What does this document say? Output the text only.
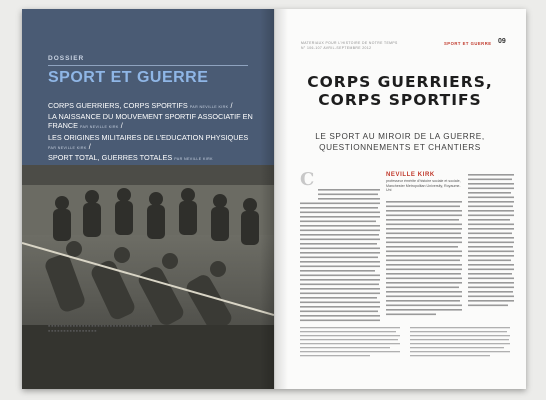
DOSSIER
SPORT ET GUERRE
CORPS GUERRIERS, CORPS SPORTIFS PAR NEVILLE KIRK /
LA NAISSANCE DU MOUVEMENT SPORTIF ASSOCIATIF EN FRANCE PAR NEVILLE KIRK /
LES ORIGINES MILITAIRES DE L'EDUCATION PHYSIQUES PAR NEVILLE KIRK /
SPORT TOTAL, GUERRES TOTALES PAR NEVILLE KIRK
■ ■ ■ ■ ■ ■ ■ ■ ■ ■ ■ ■ ■ ■ ■ ■ ■ ■ ■ ■ ■ ■ ■ ■ ■ ■ ■ ■ ■ ■ ■ ■ ■ ■ ■ ■ ■ ■ ■ ■ ■ ■ ■ ■ ■ ■ ■ ■ ■ ■
MATERIAUX POUR L'HISTOIRE DE NOTRE TEMPS
N° 106-107 AVRIL-SEPTEMBRE 2012
SPORT ET GUERRE 09
CORPS GUERRIERS,
CORPS SPORTIFS
LE SPORT AU MIROIR DE LA GUERRE,
QUESTIONNEMENTS ET CHANTIERS
NEVILLE KIRK
professeur émérite d'histoire sociale et sociale, Manchester Metropolitan University, Royaume-Uni
C
